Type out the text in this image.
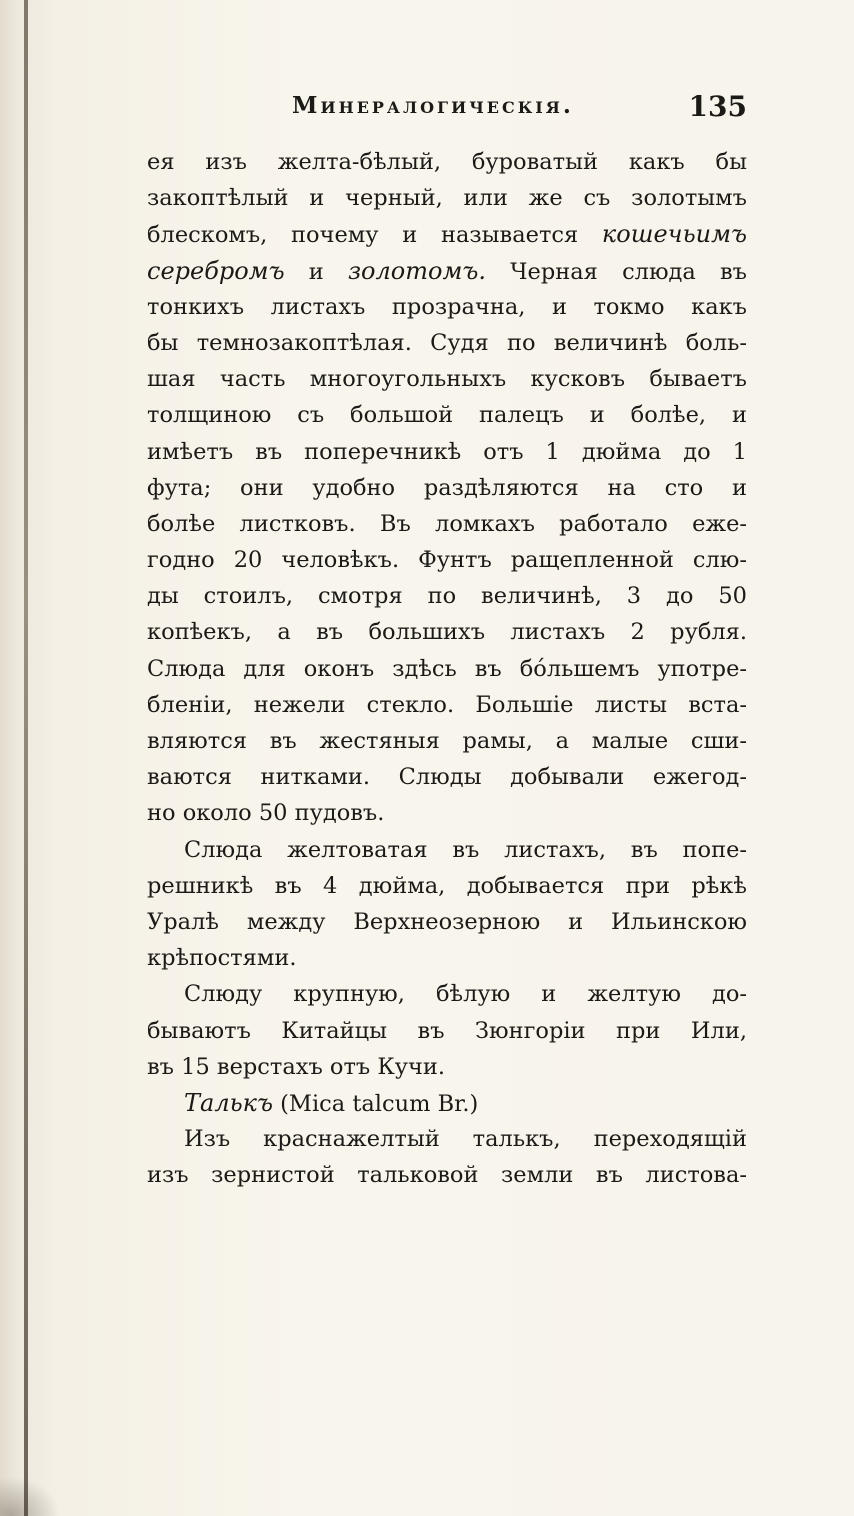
Минералогическія.	135
ея изъ желта-бѣлый, буроватый какъ бы
закоптѣлый и черный, или же съ золотымъ
блескомъ, почему и называется кошечьимъ
серебромъ и золотомъ. Черная слюда въ
тонкихъ листахъ прозрачна, и токмо какъ
бы темнозакоптѣлая. Судя по величинѣ боль-
шая часть многоугольныхъ кусковъ бываетъ
толщиною съ большой палецъ и болѣе, и
имѣетъ въ поперечникѣ отъ 1 дюйма до 1
фута; они удобно раздѣляются на сто и
болѣе листковъ. Въ ломкахъ работало еже-
годно 20 человѣкъ. Фунтъ ращепленной слю-
ды стоилъ, смотря по величинѣ, 3 до 50
копѣекъ, а въ большихъ листахъ 2 рубля.
Слюда для оконъ здѣсь въ бо́льшемъ употре-
бленіи, нежели стекло. Большіе листы вста-
вляются въ жестяныя рамы, а малые сши-
ваются нитками. Слюды добывали ежегод-
но около 50 пудовъ.
Слюда желтоватая въ листахъ, въ попе-
решникѣ въ 4 дюйма, добывается при рѣкѣ
Уралѣ между Верхнеозерною и Ильинскою
крѣпостями.
Слюду крупную, бѣлую и желтую до-
бываютъ Китайцы въ Зюнгоріи при Или,
въ 15 верстахъ отъ Кучи.
Талькъ (Mica talcum Br.)
Изъ краснажелтый талькъ, переходящій
изъ зернистой тальковой земли въ листова-
